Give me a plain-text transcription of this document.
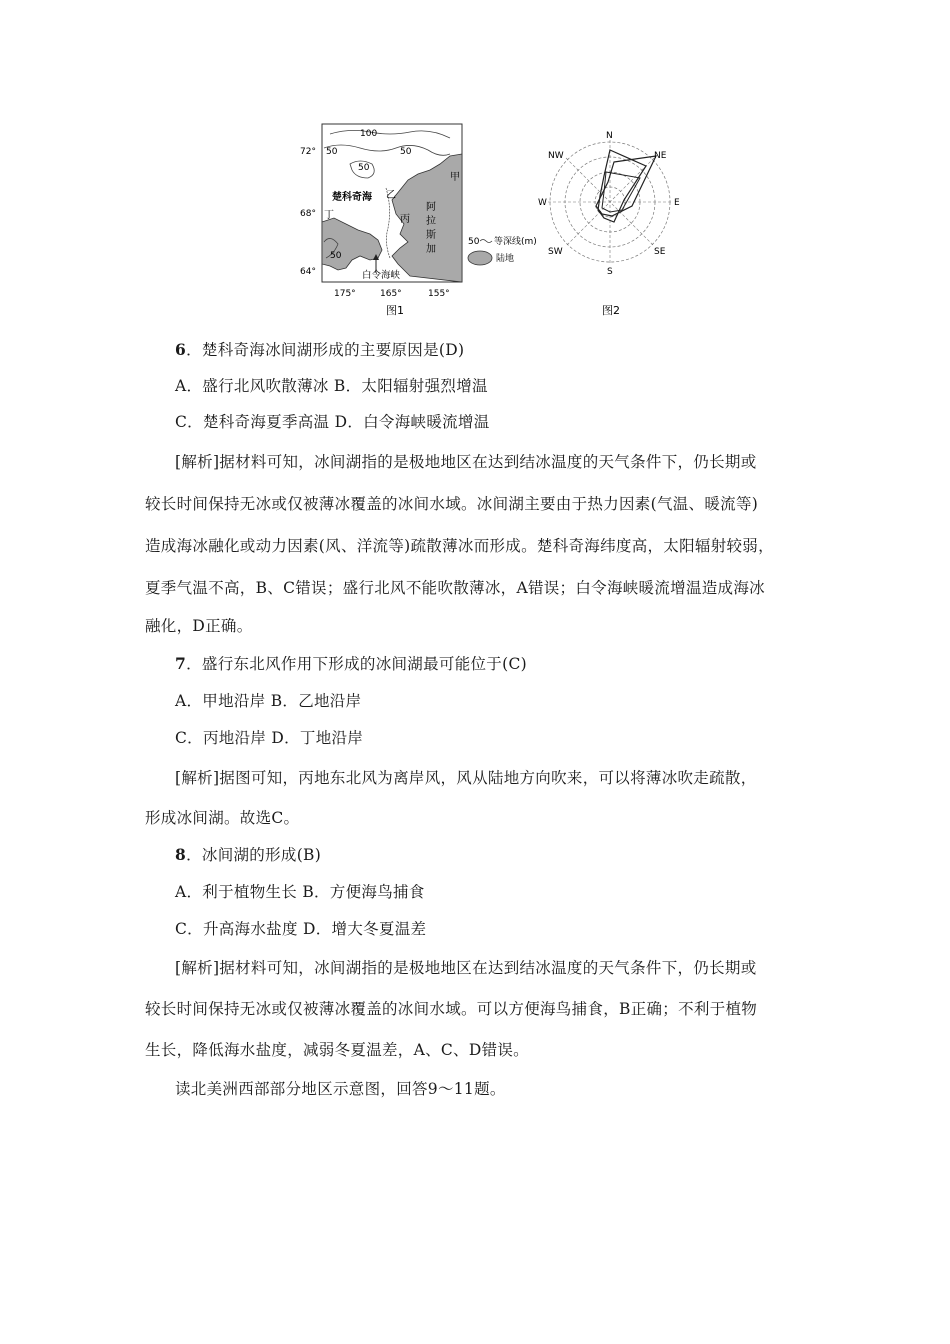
100
50
50
50
50
72°
68°
64°
175°	165°	155°
楚科奇海
甲
乙
丙
丁
阿
拉
斯
加
白令海峡
50 等深线(m)
陆地
图1
N
NE
E
SE
S
SW
W
NW
图2
6．楚科奇海冰间湖形成的主要原因是(D)
A．盛行北风吹散薄冰 B．太阳辐射强烈增温
C．楚科奇海夏季高温 D．白令海峡暖流增温
[解析]据材料可知，冰间湖指的是极地地区在达到结冰温度的天气条件下，仍长期或
较长时间保持无冰或仅被薄冰覆盖的冰间水域。冰间湖主要由于热力因素(气温、暖流等)
造成海冰融化或动力因素(风、洋流等)疏散薄冰而形成。楚科奇海纬度高，太阳辐射较弱，
夏季气温不高，B、C错误；盛行北风不能吹散薄冰，A错误；白令海峡暖流增温造成海冰
融化，D正确。
7．盛行东北风作用下形成的冰间湖最可能位于(C)
A．甲地沿岸 B．乙地沿岸
C．丙地沿岸 D．丁地沿岸
[解析]据图可知，丙地东北风为离岸风，风从陆地方向吹来，可以将薄冰吹走疏散，
形成冰间湖。故选C。
8．冰间湖的形成(B)
A．利于植物生长 B．方便海鸟捕食
C．升高海水盐度 D．增大冬夏温差
[解析]据材料可知，冰间湖指的是极地地区在达到结冰温度的天气条件下，仍长期或
较长时间保持无冰或仅被薄冰覆盖的冰间水域。可以方便海鸟捕食，B正确；不利于植物
生长，降低海水盐度，减弱冬夏温差，A、C、D错误。
读北美洲西部部分地区示意图，回答9～11题。
